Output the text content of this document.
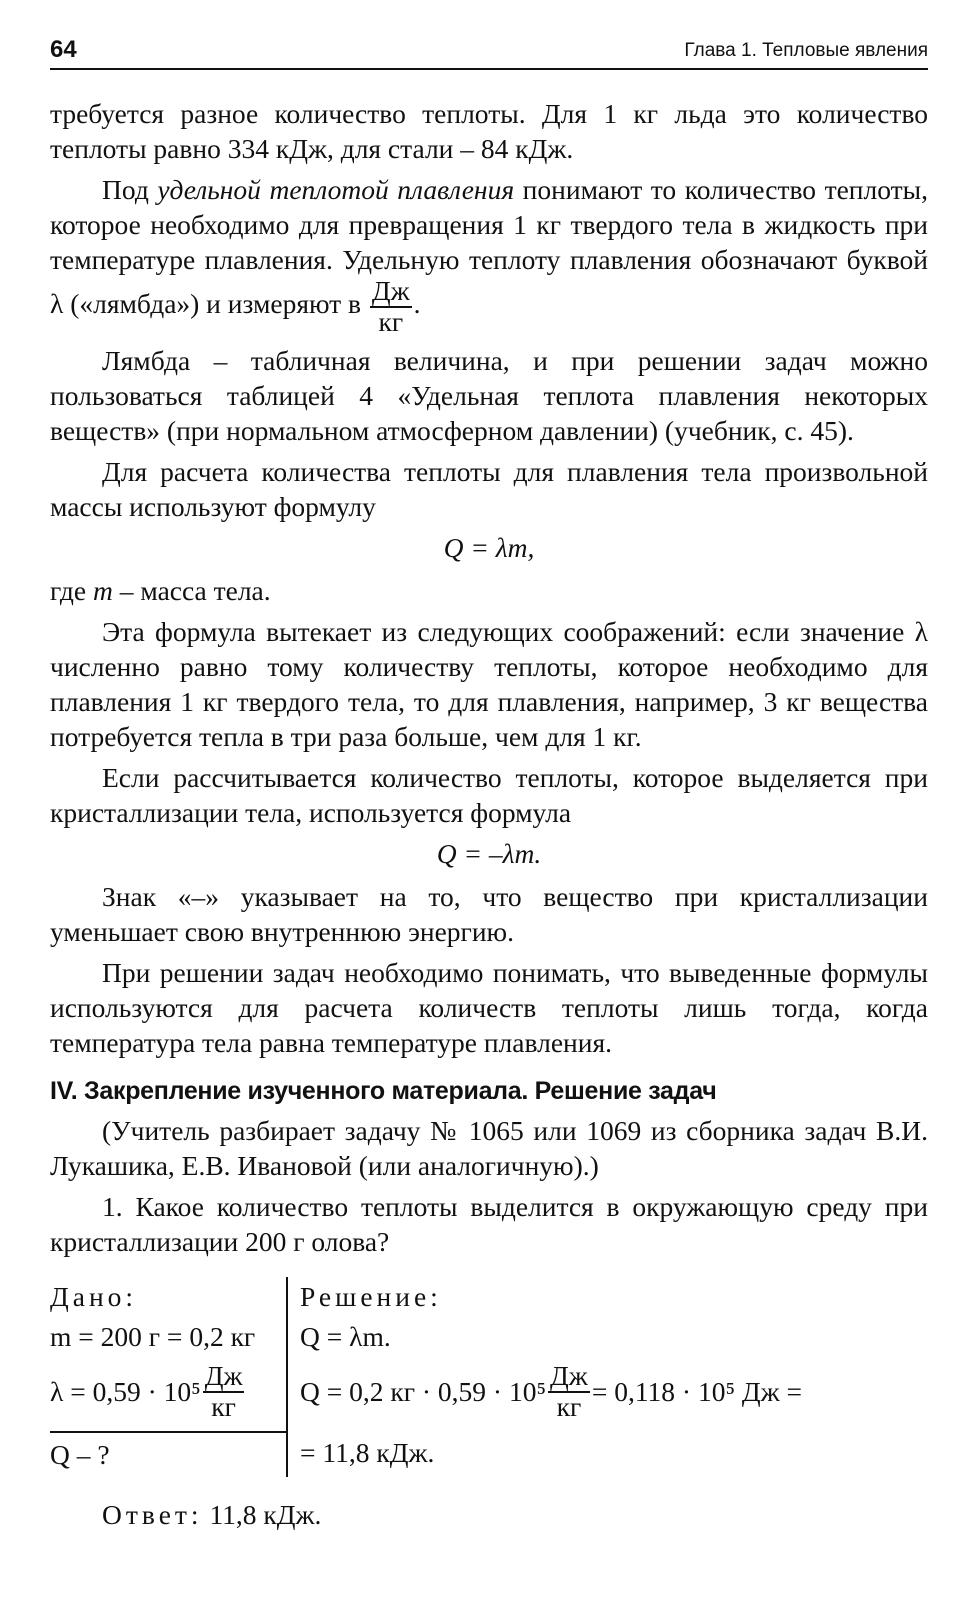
64	Глава 1. Тепловые явления

требуется разное количество теплоты. Для 1 кг льда это количество теплоты равно 334 кДж, для стали – 84 кДж.

Под удельной теплотой плавления понимают то количество теплоты, которое необходимо для превращения 1 кг твердого тела в жидкость при температуре плавления. Удельную теплоту плавления обозначают буквой λ («лямбда») и измеряют в $\frac{Дж}{кг}$ .

Лямбда – табличная величина, и при решении задач можно пользоваться таблицей 4 «Удельная теплота плавления некоторых веществ» (при нормальном атмосферном давлении) (учебник, с. 45).

Для расчета количества теплоты для плавления тела произвольной массы используют формулу

Q = λm,

где m – масса тела.

Эта формула вытекает из следующих соображений: если значение λ численно равно тому количеству теплоты, которое необходимо для плавления 1 кг твердого тела, то для плавления, например, 3 кг вещества потребуется тепла в три раза больше, чем для 1 кг.

Если рассчитывается количество теплоты, которое выделяется при кристаллизации тела, используется формула

Q = –λm.

Знак «–» указывает на то, что вещество при кристаллизации уменьшает свою внутреннюю энергию.

При решении задач необходимо понимать, что выведенные формулы используются для расчета количеств теплоты лишь тогда, когда температура тела равна температуре плавления.

IV. Закрепление изученного материала. Решение задач

(Учитель разбирает задачу № 1065 или 1069 из сборника задач В.И. Лукашика, Е.В. Ивановой (или аналогичную).)

1. Какое количество теплоты выделится в окружающую среду при кристаллизации 200 г олова?

Дано:
m = 200 г = 0,2 кг
$\lambda = 0,59 \cdot 10^5 \frac{Дж}{кг}$
Q – ?
Решение:
Q = λm.
Q = 0,2 кг · $0,59 \cdot 10^5 \frac{Дж}{кг} = 0,118 \cdot 10^5$ Дж =
= 11,8 кДж.
Ответ: 11,8 кДж.
